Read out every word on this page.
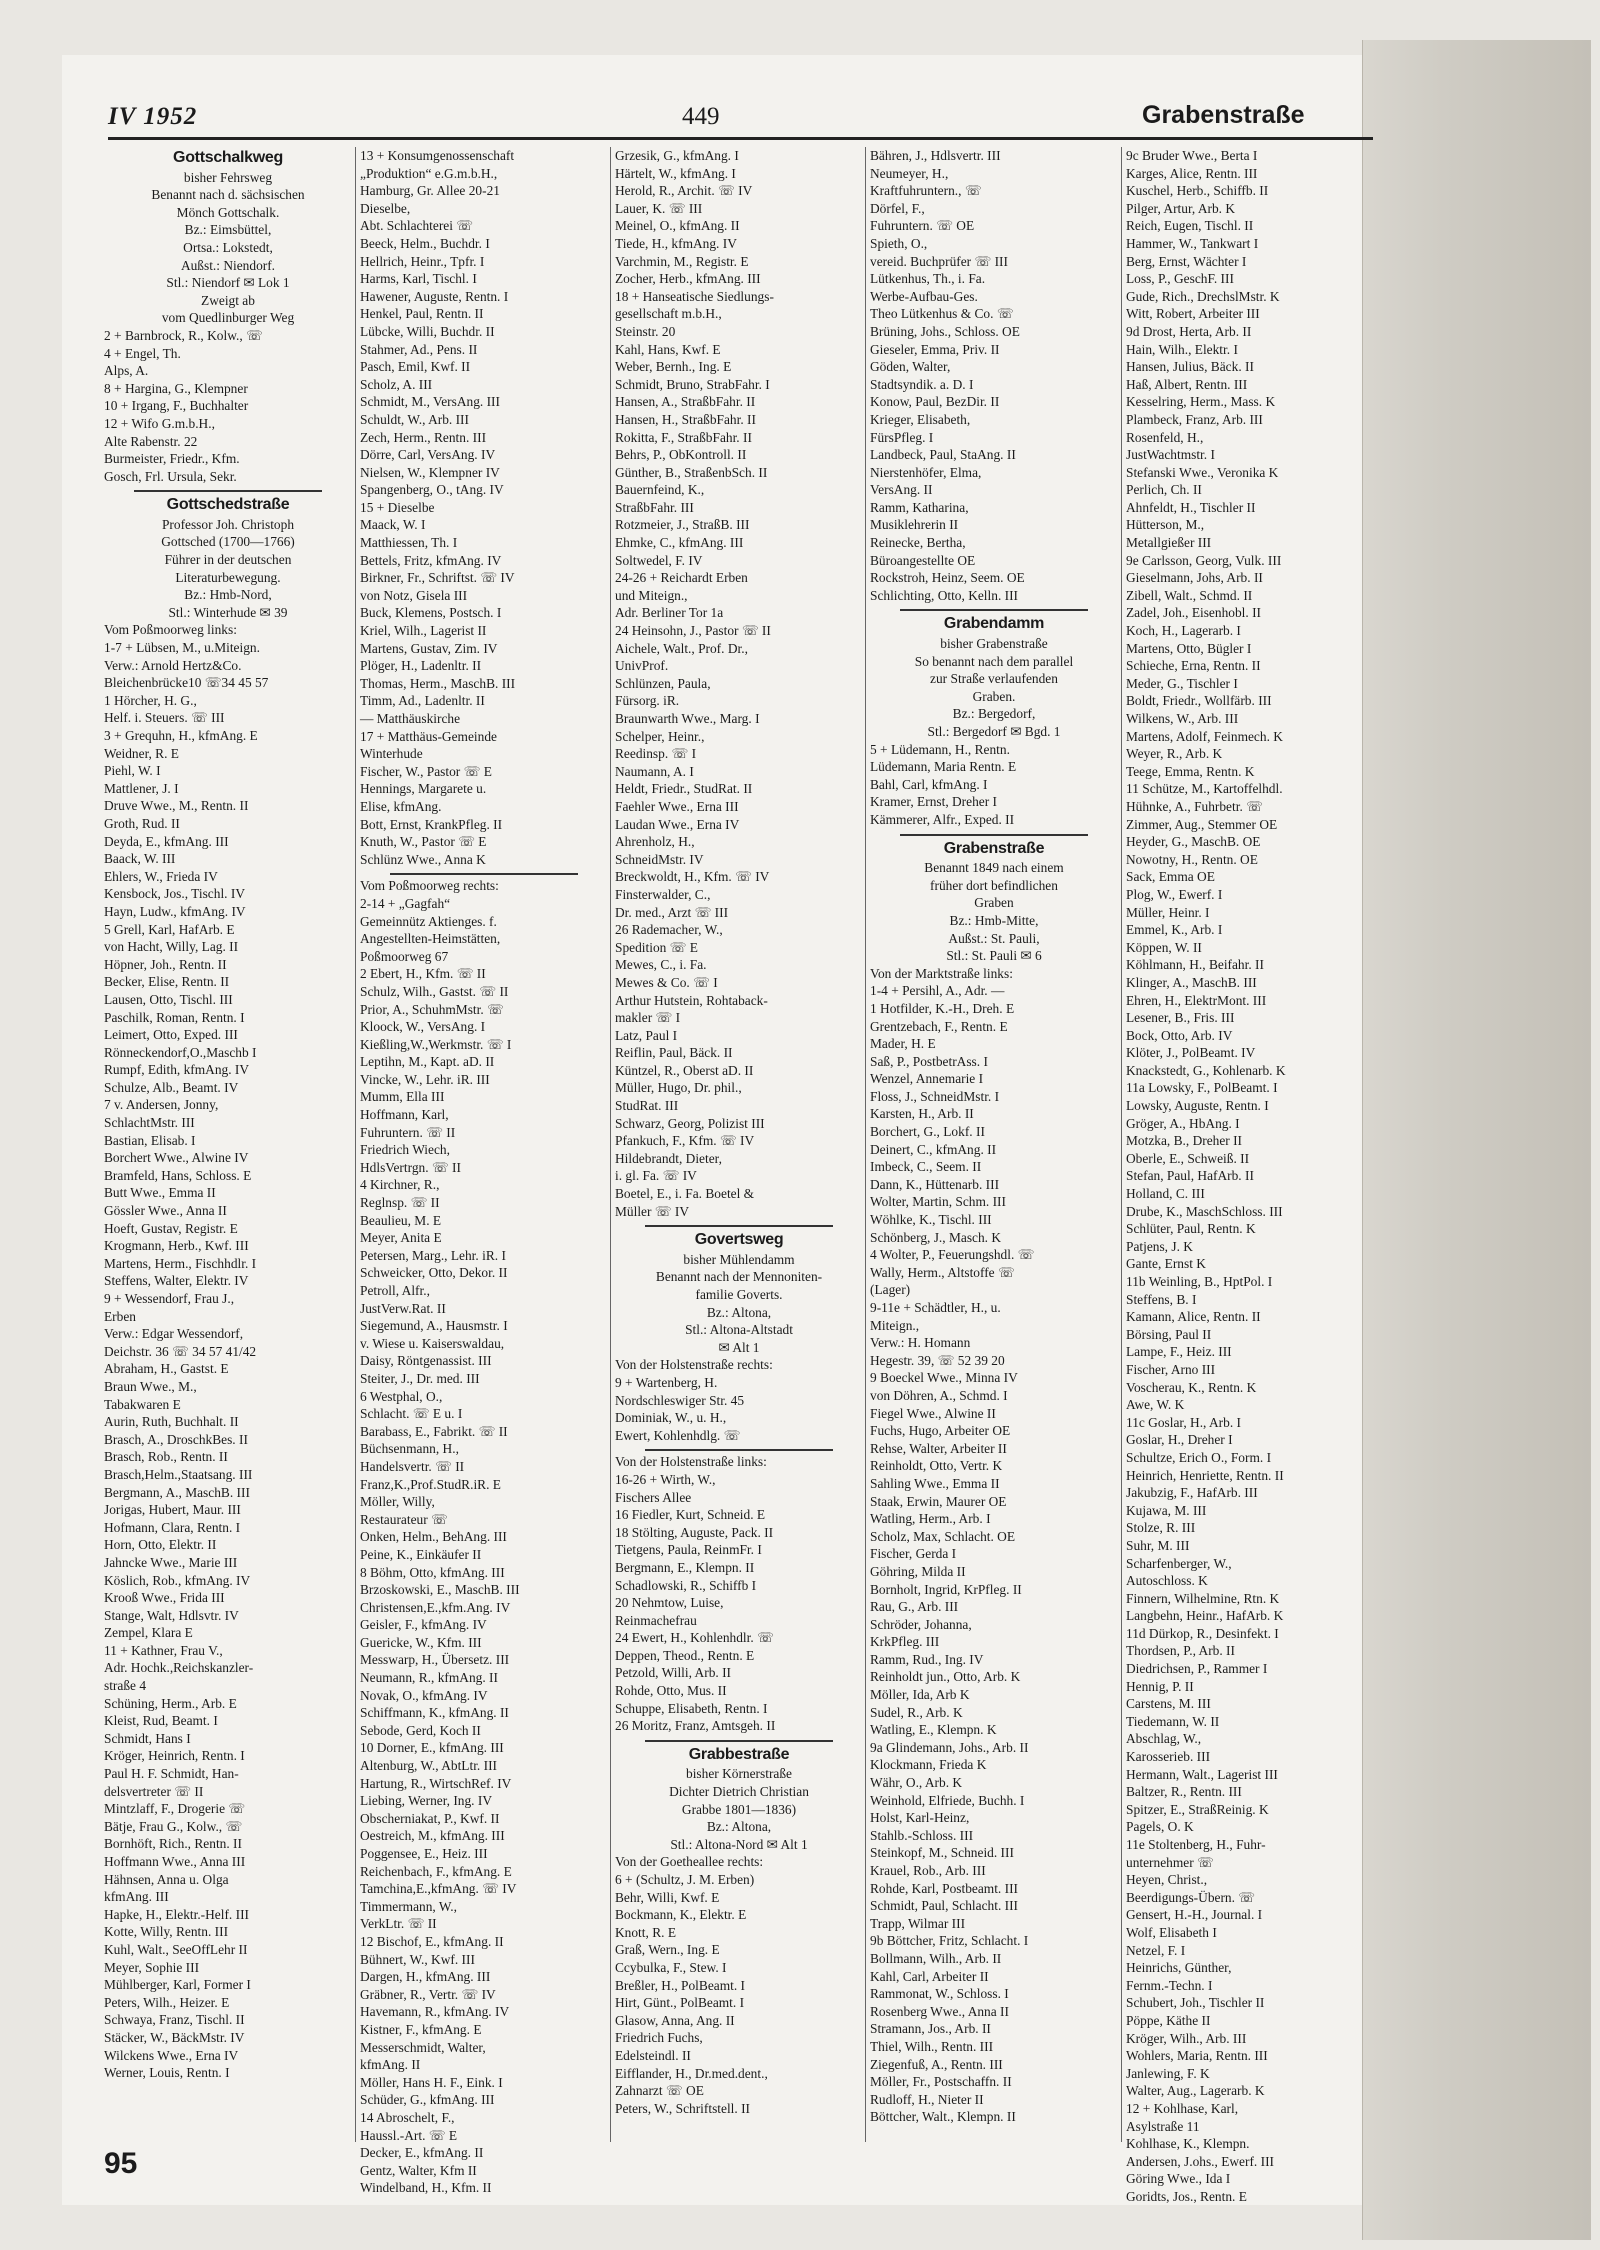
IV 1952	449	Grabenstraße
Gottschalkweg
bisher Fehrsweg
Benannt nach d. sächsischen
Mönch Gottschalk.
Bz.: Eimsbüttel,
Ortsa.: Lokstedt,
Außst.: Niendorf.
Stl.: Niendorf ✉ Lok 1
Zweigt ab
vom Quedlinburger Weg
2 + Barnbrock, R., Kolw., ☏
4 + Engel, Th.
Alps, A.
8 + Hargina, G., Klempner
10 + Irgang, F., Buchhalter
12 + Wifo G.m.b.H.,
Alte Rabenstr. 22
Burmeister, Friedr., Kfm.
Gosch, Frl. Ursula, Sekr.
Gottschedstraße
Professor Joh. Christoph
Gottsched (1700—1766)
Führer in der deutschen
Literaturbewegung.
Bz.: Hmb-Nord,
Stl.: Winterhude ✉ 39
Vom Poßmoorweg links:
1-7 + Lübsen, M., u.Miteign.
Verw.: Arnold Hertz&Co.
Bleichenbrücke10 ☏34 45 57
1 Hörcher, H. G.,
Helf. i. Steuers. ☏ III
3 + Grequhn, H., kfmAng. E
Weidner, R. E
Piehl, W. I
Mattlener, J. I
Druve Wwe., M., Rentn. II
Groth, Rud. II
Deyda, E., kfmAng. III
Baack, W. III
Ehlers, W., Frieda IV
Kensbock, Jos., Tischl. IV
Hayn, Ludw., kfmAng. IV
5 Grell, Karl, HafArb. E
von Hacht, Willy, Lag. II
Höpner, Joh., Rentn. II
Becker, Elise, Rentn. II
Lausen, Otto, Tischl. III
Paschilk, Roman, Rentn. I
Leimert, Otto, Exped. III
Rönneckendorf,O.,Maschb I
Rumpf, Edith, kfmAng. IV
Schulze, Alb., Beamt. IV
7 v. Andersen, Jonny,
SchlachtMstr. III
Bastian, Elisab. I
Borchert Wwe., Alwine IV
Bramfeld, Hans, Schloss. E
Butt Wwe., Emma II
Gössler Wwe., Anna II
Hoeft, Gustav, Registr. E
Krogmann, Herb., Kwf. III
Martens, Herm., Fischhdlr. I
Steffens, Walter, Elektr. IV
9 + Wessendorf, Frau J.,
Erben
Verw.: Edgar Wessendorf,
Deichstr. 36 ☏ 34 57 41/42
Abraham, H., Gastst. E
Braun Wwe., M.,
Tabakwaren E
Aurin, Ruth, Buchhalt. II
Brasch, A., DroschkBes. II
Brasch, Rob., Rentn. II
Brasch,Helm.,Staatsang. III
Bergmann, A., MaschB. III
Jorigas, Hubert, Maur. III
Hofmann, Clara, Rentn. I
Horn, Otto, Elektr. II
Jahncke Wwe., Marie III
Köslich, Rob., kfmAng. IV
Krooß Wwe., Frida III
Stange, Walt, Hdlsvtr. IV
Zempel, Klara E
11 + Kathner, Frau V.,
Adr. Hochk.,Reichskanzler-
straße 4
Schüning, Herm., Arb. E
Kleist, Rud, Beamt. I
Schmidt, Hans I
Kröger, Heinrich, Rentn. I
Paul H. F. Schmidt, Han-
delsvertreter ☏ II
Mintzlaff, F., Drogerie ☏
Bätje, Frau G., Kolw., ☏
Bornhöft, Rich., Rentn. II
Hoffmann Wwe., Anna III
Hähnsen, Anna u. Olga
kfmAng. III
Hapke, H., Elektr.-Helf. III
Kotte, Willy, Rentn. III
Kuhl, Walt., SeeOffLehr II
Meyer, Sophie III
Mühlberger, Karl, Former I
Peters, Wilh., Heizer. E
Schwaya, Franz, Tischl. II
Stäcker, W., BäckMstr. IV
Wilckens Wwe., Erna IV
Werner, Louis, Rentn. I
13 + Konsumgenossenschaft
„Produktion“ e.G.m.b.H.,
Hamburg, Gr. Allee 20-21
Dieselbe,
Abt. Schlachterei ☏
Beeck, Helm., Buchdr. I
Hellrich, Heinr., Tpfr. I
Harms, Karl, Tischl. I
Hawener, Auguste, Rentn. I
Henkel, Paul, Rentn. II
Lübcke, Willi, Buchdr. II
Stahmer, Ad., Pens. II
Pasch, Emil, Kwf. II
Scholz, A. III
Schmidt, M., VersAng. III
Schuldt, W., Arb. III
Zech, Herm., Rentn. III
Dörre, Carl, VersAng. IV
Nielsen, W., Klempner IV
Spangenberg, O., tAng. IV
15 + Dieselbe
Maack, W. I
Matthiessen, Th. I
Bettels, Fritz, kfmAng. IV
Birkner, Fr., Schriftst. ☏ IV
von Notz, Gisela III
Buck, Klemens, Postsch. I
Kriel, Wilh., Lagerist II
Martens, Gustav, Zim. IV
Plöger, H., Ladenltr. II
Thomas, Herm., MaschB. III
Timm, Ad., Ladenltr. II
— Matthäuskirche
17 + Matthäus-Gemeinde
Winterhude
Fischer, W., Pastor ☏ E
Hennings, Margarete u.
Elise, kfmAng.
Bott, Ernst, KrankPfleg. II
Knuth, W., Pastor ☏ E
Schlünz Wwe., Anna K
Vom Poßmoorweg rechts:
2-14 + „Gagfah“
Gemeinnütz Aktienges. f.
Angestellten-Heimstätten,
Poßmoorweg 67
2 Ebert, H., Kfm. ☏ II
Schulz, Wilh., Gastst. ☏ II
Prior, A., SchuhmMstr. ☏
Kloock, W., VersAng. I
Kießling,W.,Werkmstr. ☏ I
Leptihn, M., Kapt. aD. II
Vincke, W., Lehr. iR. III
Mumm, Ella III
Hoffmann, Karl,
Fuhruntern. ☏ II
Friedrich Wiech,
HdlsVertrgn. ☏ II
4 Kirchner, R.,
Reglnsp. ☏ II
Beaulieu, M. E
Meyer, Anita E
Petersen, Marg., Lehr. iR. I
Schweicker, Otto, Dekor. II
Petroll, Alfr.,
JustVerw.Rat. II
Siegemund, A., Hausmstr. I
v. Wiese u. Kaiserswaldau,
Daisy, Röntgenassist. III
Steiter, J., Dr. med. III
6 Westphal, O.,
Schlacht. ☏ E u. I
Barabass, E., Fabrikt. ☏ II
Büchsenmann, H.,
Handelsvertr. ☏ II
Franz,K.,Prof.StudR.iR. E
Möller, Willy,
Restaurateur ☏
Onken, Helm., BehAng. III
Peine, K., Einkäufer II
8 Böhm, Otto, kfmAng. III
Brzoskowski, E., MaschB. III
Christensen,E.,kfm.Ang. IV
Geisler, F., kfmAng. IV
Guericke, W., Kfm. III
Messwarp, H., Übersetz. III
Neumann, R., kfmAng. II
Novak, O., kfmAng. IV
Schiffmann, K., kfmAng. II
Sebode, Gerd, Koch II
10 Dorner, E., kfmAng. III
Altenburg, W., AbtLtr. III
Hartung, R., WirtschRef. IV
Liebing, Werner, Ing. IV
Obscherniakat, P., Kwf. II
Oestreich, M., kfmAng. III
Poggensee, E., Heiz. III
Reichenbach, F., kfmAng. E
Tamchina,E.,kfmAng. ☏ IV
Timmermann, W.,
VerkLtr. ☏ II
12 Bischof, E., kfmAng. II
Bühnert, W., Kwf. III
Dargen, H., kfmAng. III
Gräbner, R., Vertr. ☏ IV
Havemann, R., kfmAng. IV
Kistner, F., kfmAng. E
Messerschmidt, Walter,
kfmAng. II
Möller, Hans H. F., Eink. I
Schüder, G., kfmAng. III
14 Abroschelt, F.,
Haussl.-Art. ☏ E
Decker, E., kfmAng. II
Gentz, Walter, Kfm II
Windelband, H., Kfm. II
Grzesik, G., kfmAng. I
Härtelt, W., kfmAng. I
Herold, R., Archit. ☏ IV
Lauer, K. ☏ III
Meinel, O., kfmAng. II
Tiede, H., kfmAng. IV
Varchmin, M., Registr. E
Zocher, Herb., kfmAng. III
18 + Hanseatische Siedlungs-
gesellschaft m.b.H.,
Steinstr. 20
Kahl, Hans, Kwf. E
Weber, Bernh., Ing. E
Schmidt, Bruno, StrabFahr. I
Hansen, A., StraßbFahr. II
Hansen, H., StraßbFahr. II
Rokitta, F., StraßbFahr. II
Behrs, P., ObKontroll. II
Günther, B., StraßenbSch. II
Bauernfeind, K.,
StraßbFahr. III
Rotzmeier, J., StraßB. III
Ehmke, C., kfmAng. III
Soltwedel, F. IV
24-26 + Reichardt Erben
und Miteign.,
Adr. Berliner Tor 1a
24 Heinsohn, J., Pastor ☏ II
Aichele, Walt., Prof. Dr.,
UnivProf.
Schlünzen, Paula,
Fürsorg. iR.
Braunwarth Wwe., Marg. I
Schelper, Heinr.,
Reedinsp. ☏ I
Naumann, A. I
Heldt, Friedr., StudRat. II
Faehler Wwe., Erna III
Laudan Wwe., Erna IV
Ahrenholz, H.,
SchneidMstr. IV
Breckwoldt, H., Kfm. ☏ IV
Finsterwalder, C.,
Dr. med., Arzt ☏ III
26 Rademacher, W.,
Spedition ☏ E
Mewes, C., i. Fa.
Mewes & Co. ☏ I
Arthur Hutstein, Rohtaback-
makler ☏ I
Latz, Paul I
Reiflin, Paul, Bäck. II
Küntzel, R., Oberst aD. II
Müller, Hugo, Dr. phil.,
StudRat. III
Schwarz, Georg, Polizist III
Pfankuch, F., Kfm. ☏ IV
Hildebrandt, Dieter,
i. gl. Fa. ☏ IV
Boetel, E., i. Fa. Boetel &
Müller ☏ IV
Govertsweg
bisher Mühlendamm
Benannt nach der Mennoniten-
familie Goverts.
Bz.: Altona,
Stl.: Altona-Altstadt
✉ Alt 1
Von der Holstenstraße rechts:
9 + Wartenberg, H.
Nordschleswiger Str. 45
Dominiak, W., u. H.,
Ewert, Kohlenhdlg. ☏
Von der Holstenstraße links:
16-26 + Wirth, W.,
Fischers Allee
16 Fiedler, Kurt, Schneid. E
18 Stölting, Auguste, Pack. II
Tietgens, Paula, ReinmFr. I
Bergmann, E., Klempn. II
Schadlowski, R., Schiffb I
20 Nehmtow, Luise,
Reinmachefrau
24 Ewert, H., Kohlenhdlr. ☏
Deppen, Theod., Rentn. E
Petzold, Willi, Arb. II
Rohde, Otto, Mus. II
Schuppe, Elisabeth, Rentn. I
26 Moritz, Franz, Amtsgeh. II
Grabbestraße
bisher Körnerstraße
Dichter Dietrich Christian
Grabbe 1801—1836)
Bz.: Altona,
Stl.: Altona-Nord ✉ Alt 1
Von der Goetheallee rechts:
6 + (Schultz, J. M. Erben)
Behr, Willi, Kwf. E
Bockmann, K., Elektr. E
Knott, R. E
Graß, Wern., Ing. E
Ccybulka, F., Stew. I
Breßler, H., PolBeamt. I
Hirt, Günt., PolBeamt. I
Glasow, Anna, Ang. II
Friedrich Fuchs,
Edelsteindl. II
Eifflander, H., Dr.med.dent.,
Zahnarzt ☏ OE
Peters, W., Schriftstell. II
Bähren, J., Hdlsvertr. III
Neumeyer, H.,
Kraftfuhruntern., ☏
Dörfel, F.,
Fuhruntern. ☏ OE
Spieth, O.,
vereid. Buchprüfer ☏ III
Lütkenhus, Th., i. Fa.
Werbe-Aufbau-Ges.
Theo Lütkenhus & Co. ☏
Brüning, Johs., Schloss. OE
Gieseler, Emma, Priv. II
Göden, Walter,
Stadtsyndik. a. D. I
Konow, Paul, BezDir. II
Krieger, Elisabeth,
FürsPfleg. I
Landbeck, Paul, StaAng. II
Nierstenhöfer, Elma,
VersAng. II
Ramm, Katharina,
Musiklehrerin II
Reinecke, Bertha,
Büroangestellte OE
Rockstroh, Heinz, Seem. OE
Schlichting, Otto, Kelln. III
Grabendamm
bisher Grabenstraße
So benannt nach dem parallel
zur Straße verlaufenden
Graben.
Bz.: Bergedorf,
Stl.: Bergedorf ✉ Bgd. 1
5 + Lüdemann, H., Rentn.
Lüdemann, Maria Rentn. E
Bahl, Carl, kfmAng. I
Kramer, Ernst, Dreher I
Kämmerer, Alfr., Exped. II
Grabenstraße
Benannt 1849 nach einem
früher dort befindlichen
Graben
Bz.: Hmb-Mitte,
Außst.: St. Pauli,
Stl.: St. Pauli ✉ 6
Von der Marktstraße links:
1-4 + Persihl, A., Adr. —
1 Hotfilder, K.-H., Dreh. E
Grentzebach, F., Rentn. E
Mader, H. E
Saß, P., PostbetrAss. I
Wenzel, Annemarie I
Floss, J., SchneidMstr. I
Karsten, H., Arb. II
Borchert, G., Lokf. II
Deinert, C., kfmAng. II
Imbeck, C., Seem. II
Dann, K., Hüttenarb. III
Wolter, Martin, Schm. III
Wöhlke, K., Tischl. III
Schönberg, J., Masch. K
4 Wolter, P., Feuerungshdl. ☏
Wally, Herm., Altstoffe ☏
(Lager)
9-11e + Schädtler, H., u.
Miteign.,
Verw.: H. Homann
Hegestr. 39, ☏ 52 39 20
9 Boeckel Wwe., Minna IV
von Döhren, A., Schmd. I
Fiegel Wwe., Alwine II
Fuchs, Hugo, Arbeiter OE
Rehse, Walter, Arbeiter II
Reinholdt, Otto, Vertr. K
Sahling Wwe., Emma II
Staak, Erwin, Maurer OE
Watling, Herm., Arb. I
Scholz, Max, Schlacht. OE
Fischer, Gerda I
Göhring, Milda II
Bornholt, Ingrid, KrPfleg. II
Rau, G., Arb. III
Schröder, Johanna,
KrkPfleg. III
Ramm, Rud., Ing. IV
Reinholdt jun., Otto, Arb. K
Möller, Ida, Arb K
Sudel, R., Arb. K
Watling, E., Klempn. K
9a Glindemann, Johs., Arb. II
Klockmann, Frieda K
Währ, O., Arb. K
Weinhold, Elfriede, Buchh. I
Holst, Karl-Heinz,
Stahlb.-Schloss. III
Steinkopf, M., Schneid. III
Krauel, Rob., Arb. III
Rohde, Karl, Postbeamt. III
Schmidt, Paul, Schlacht. III
Trapp, Wilmar III
9b Böttcher, Fritz, Schlacht. I
Bollmann, Wilh., Arb. II
Kahl, Carl, Arbeiter II
Rammonat, W., Schloss. I
Rosenberg Wwe., Anna II
Stramann, Jos., Arb. II
Thiel, Wilh., Rentn. III
Ziegenfuß, A., Rentn. III
Möller, Fr., Postschaffn. II
Rudloff, H., Nieter II
Böttcher, Walt., Klempn. II
9c Bruder Wwe., Berta I
Karges, Alice, Rentn. III
Kuschel, Herb., Schiffb. II
Pilger, Artur, Arb. K
Reich, Eugen, Tischl. II
Hammer, W., Tankwart I
Berg, Ernst, Wächter I
Loss, P., GeschF. III
Gude, Rich., DrechslMstr. K
Witt, Robert, Arbeiter III
9d Drost, Herta, Arb. II
Hain, Wilh., Elektr. I
Hansen, Julius, Bäck. II
Haß, Albert, Rentn. III
Kesselring, Herm., Mass. K
Plambeck, Franz, Arb. III
Rosenfeld, H.,
JustWachtmstr. I
Stefanski Wwe., Veronika K
Perlich, Ch. II
Ahnfeldt, H., Tischler II
Hütterson, M.,
Metallgießer III
9e Carlsson, Georg, Vulk. III
Gieselmann, Johs, Arb. II
Zibell, Walt., Schmd. II
Zadel, Joh., Eisenhobl. II
Koch, H., Lagerarb. I
Martens, Otto, Bügler I
Schieche, Erna, Rentn. II
Meder, G., Tischler I
Boldt, Friedr., Wollfärb. III
Wilkens, W., Arb. III
Martens, Adolf, Feinmech. K
Weyer, R., Arb. K
Teege, Emma, Rentn. K
11 Schütze, M., Kartoffelhdl.
Hühnke, A., Fuhrbetr. ☏
Zimmer, Aug., Stemmer OE
Heyder, G., MaschB. OE
Nowotny, H., Rentn. OE
Sack, Emma OE
Plog, W., Ewerf. I
Müller, Heinr. I
Emmel, K., Arb. I
Köppen, W. II
Köhlmann, H., Beifahr. II
Klinger, A., MaschB. III
Ehren, H., ElektrMont. III
Lesener, B., Fris. III
Bock, Otto, Arb. IV
Klöter, J., PolBeamt. IV
Knackstedt, G., Kohlenarb. K
11a Lowsky, F., PolBeamt. I
Lowsky, Auguste, Rentn. I
Gröger, A., HbAng. I
Motzka, B., Dreher II
Oberle, E., Schweiß. II
Stefan, Paul, HafArb. II
Holland, C. III
Drube, K., MaschSchloss. III
Schlüter, Paul, Rentn. K
Patjens, J. K
Gante, Ernst K
11b Weinling, B., HptPol. I
Steffens, B. I
Kamann, Alice, Rentn. II
Börsing, Paul II
Lampe, F., Heiz. III
Fischer, Arno III
Voscherau, K., Rentn. K
Awe, W. K
11c Goslar, H., Arb. I
Goslar, H., Dreher I
Schultze, Erich O., Form. I
Heinrich, Henriette, Rentn. II
Jakubzig, F., HafArb. III
Kujawa, M. III
Stolze, R. III
Suhr, M. III
Scharfenberger, W.,
Autoschloss. K
Finnern, Wilhelmine, Rtn. K
Langbehn, Heinr., HafArb. K
11d Dürkop, R., Desinfekt. I
Thordsen, P., Arb. II
Diedrichsen, P., Rammer I
Hennig, P. II
Carstens, M. III
Tiedemann, W. II
Abschlag, W.,
Karosserieb. III
Hermann, Walt., Lagerist III
Baltzer, R., Rentn. III
Spitzer, E., StraßReinig. K
Pagels, O. K
11e Stoltenberg, H., Fuhr-
unternehmer ☏
Heyen, Christ.,
Beerdigungs-Übern. ☏
Gensert, H.-H., Journal. I
Wolf, Elisabeth I
Netzel, F. I
Heinrichs, Günther,
Fernm.-Techn. I
Schubert, Joh., Tischler II
Pöppe, Käthe II
Kröger, Wilh., Arb. III
Wohlers, Maria, Rentn. III
Janlewing, F. K
Walter, Aug., Lagerarb. K
12 + Kohlhase, Karl,
Asylstraße 11
Kohlhase, K., Klempn.
Andersen, J.ohs., Ewerf. III
Göring Wwe., Ida I
Goridts, Jos., Rentn. E
95
